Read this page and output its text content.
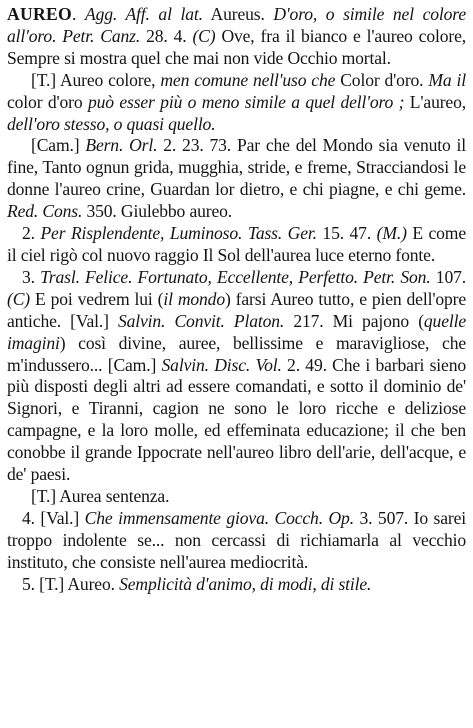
AUREO. Agg. Aff. al lat. Aureus. D'oro, o simile nel colore all'oro. Petr. Canz. 28. 4. (C) Ove, fra il bianco e l'aureo colore, Sempre si mostra quel che mai non vide Occhio mortal.

[T.] Aureo colore, men comune nell'uso che Color d'oro. Ma il color d'oro può esser più o meno simile a quel dell'oro ; L'aureo, dell'oro stesso, o quasi quello.

[Cam.] Bern. Orl. 2. 23. 73. Par che del Mondo sia venuto il fine, Tanto ognun grida, mugghia, stride, e freme, Stracciandosi le donne l'aureo crine, Guardan lor dietro, e chi piagne, e chi geme. Red. Cons. 350. Giulebbo aureo.

2. Per Risplendente, Luminoso. Tass. Ger. 15. 47. (M.) E come il ciel rigò col nuovo raggio Il Sol dell'aurea luce eterno fonte.

3. Trasl. Felice. Fortunato, Eccellente, Perfetto. Petr. Son. 107. (C) E poi vedrem lui (il mondo) farsi Aureo tutto, e pien dell'opre antiche. [Val.] Salvin. Convit. Platon. 217. Mi pajono (quelle imagini) così divine, auree, bellissime e maravigliose, che m'indussero... [Cam.] Salvin. Disc. Vol. 2. 49. Che i barbari sieno più disposti degli altri ad essere comandati, e sotto il dominio de' Signori, e Tiranni, cagion ne sono le loro ricche e deliziose campagne, e la loro molle, ed effeminata educazione; il che ben conobbe il grande Ippocrate nell'aureo libro dell'arie, dell'acque, e de' paesi.

[T.] Aurea sentenza.

4. [Val.] Che immensamente giova. Cocch. Op. 3. 507. Io sarei troppo indolente se... non cercassi di richiamarla al vecchio instituto, che consiste nell'aurea mediocrità.

5. [T.] Aureo. Semplicità d'animo, di modi, di stile.
